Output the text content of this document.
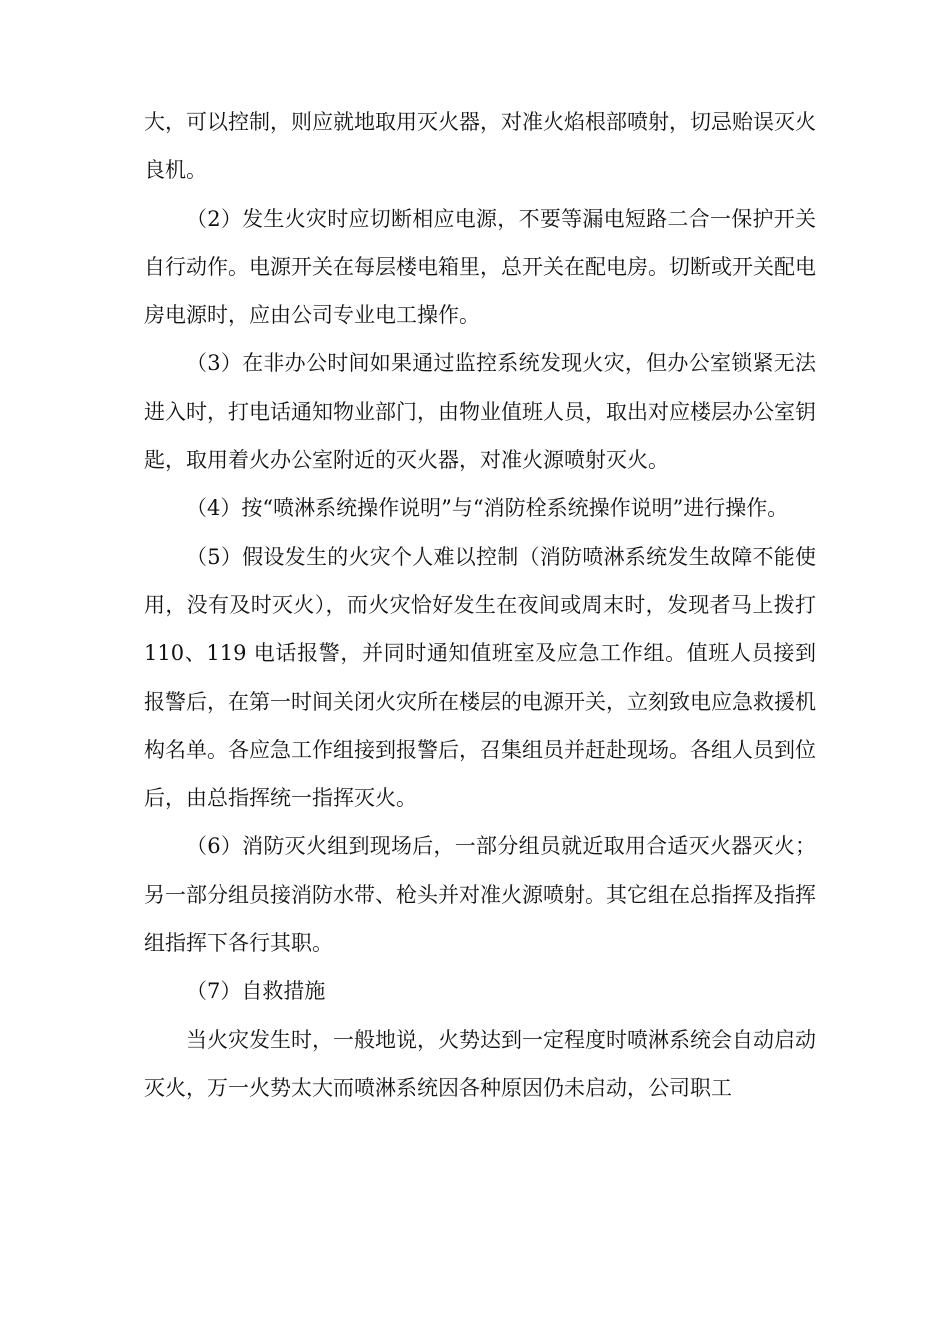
大，可以控制，则应就地取用灭火器，对准火焰根部喷射，切忌贻误灭火良机。

（2）发生火灾时应切断相应电源，不要等漏电短路二合一保护开关自行动作。电源开关在每层楼电箱里，总开关在配电房。切断或开关配电房电源时，应由公司专业电工操作。

（3）在非办公时间如果通过监控系统发现火灾，但办公室锁紧无法进入时，打电话通知物业部门，由物业值班人员，取出对应楼层办公室钥匙，取用着火办公室附近的灭火器，对准火源喷射灭火。

（4）按“喷淋系统操作说明”与“消防栓系统操作说明”进行操作。

（5）假设发生的火灾个人难以控制（消防喷淋系统发生故障不能使用，没有及时灭火），而火灾恰好发生在夜间或周末时，发现者马上拨打 110、119 电话报警，并同时通知值班室及应急工作组。值班人员接到报警后，在第一时间关闭火灾所在楼层的电源开关，立刻致电应急救援机构名单。各应急工作组接到报警后，召集组员并赶赴现场。各组人员到位后，由总指挥统一指挥灭火。

（6）消防灭火组到现场后，一部分组员就近取用合适灭火器灭火；另一部分组员接消防水带、枪头并对准火源喷射。其它组在总指挥及指挥组指挥下各行其职。

（7）自救措施

当火灾发生时，一般地说，火势达到一定程度时喷淋系统会自动启动灭火，万一火势太大而喷淋系统因各种原因仍未启动，公司职工
